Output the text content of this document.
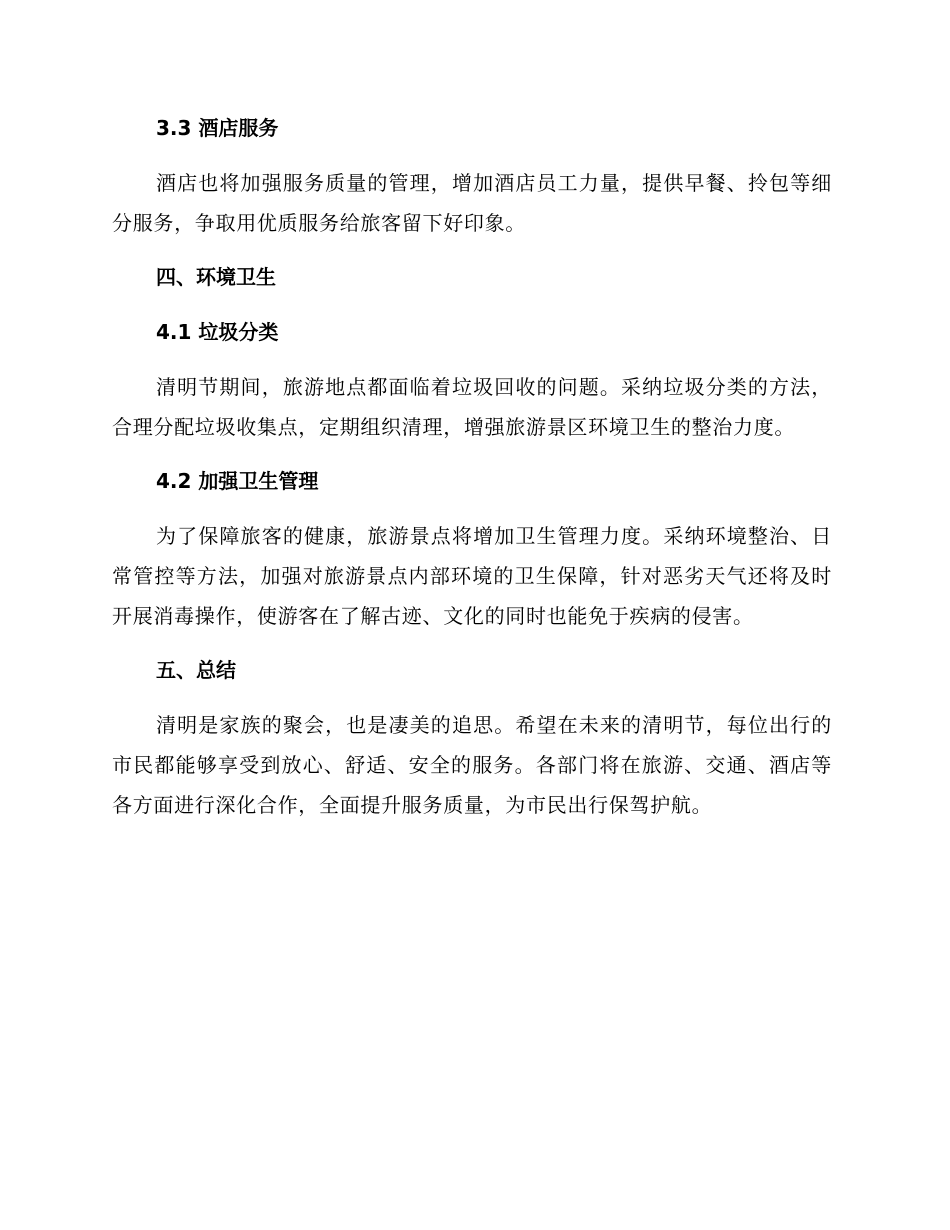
3.3 酒店服务

酒店也将加强服务质量的管理，增加酒店员工力量，提供早餐、拎包等细分服务，争取用优质服务给旅客留下好印象。

四、环境卫生
4.1 垃圾分类

清明节期间，旅游地点都面临着垃圾回收的问题。采纳垃圾分类的方法，合理分配垃圾收集点，定期组织清理，增强旅游景区环境卫生的整治力度。

4.2 加强卫生管理

为了保障旅客的健康，旅游景点将增加卫生管理力度。采纳环境整治、日常管控等方法，加强对旅游景点内部环境的卫生保障，针对恶劣天气还将及时开展消毒操作，使游客在了解古迹、文化的同时也能免于疾病的侵害。

五、总结

清明是家族的聚会，也是凄美的追思。希望在未来的清明节，每位出行的市民都能够享受到放心、舒适、安全的服务。各部门将在旅游、交通、酒店等各方面进行深化合作，全面提升服务质量，为市民出行保驾护航。
